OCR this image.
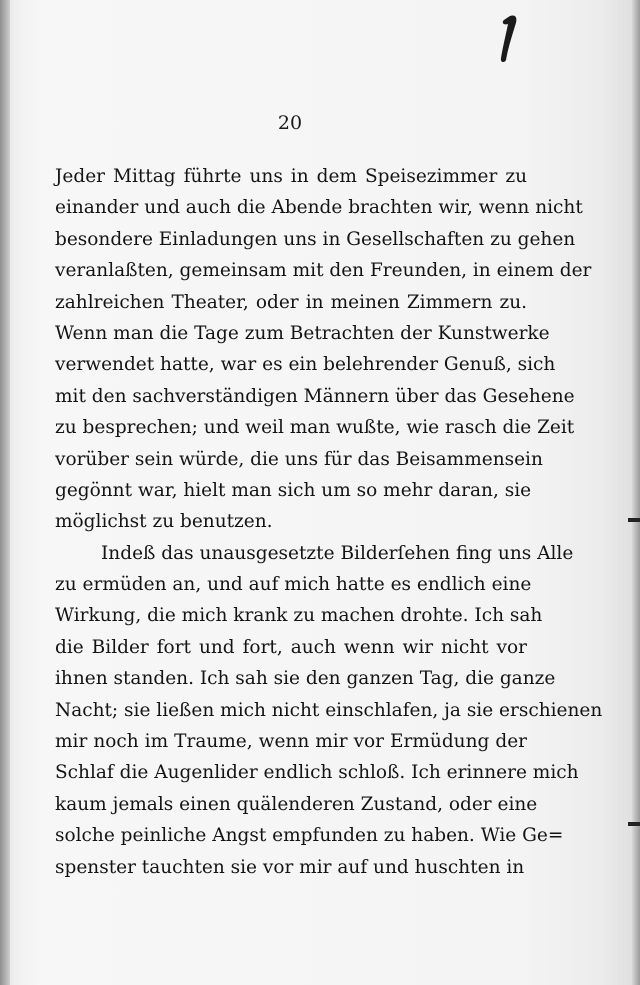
20
Jeder Mittag führte uns in dem Speisezimmer zu
einander und auch die Abende brachten wir, wenn nicht
besondere Einladungen uns in Gesellschaften zu gehen
veranlaßten, gemeinsam mit den Freunden, in einem der
zahlreichen Theater, oder in meinen Zimmern zu.
Wenn man die Tage zum Betrachten der Kunstwerke
verwendet hatte, war es ein belehrender Genuß, sich
mit den sachverständigen Männern über das Gesehene
zu besprechen; und weil man wußte, wie rasch die Zeit
vorüber sein würde, die uns für das Beisammensein
gegönnt war, hielt man sich um so mehr daran, sie
möglichst zu benutzen.
Indeß das unausgesetzte Bilderſehen fing uns Alle
zu ermüden an, und auf mich hatte es endlich eine
Wirkung, die mich krank zu machen drohte. Ich sah
die Bilder fort und fort, auch wenn wir nicht vor
ihnen standen. Ich sah sie den ganzen Tag, die ganze
Nacht; sie ließen mich nicht einschlafen, ja sie erschienen
mir noch im Traume, wenn mir vor Ermüdung der
Schlaf die Augenlider endlich schloß. Ich erinnere mich
kaum jemals einen quälenderen Zustand, oder eine
solche peinliche Angst empfunden zu haben. Wie Ge=
spenster tauchten sie vor mir auf und huschten in
